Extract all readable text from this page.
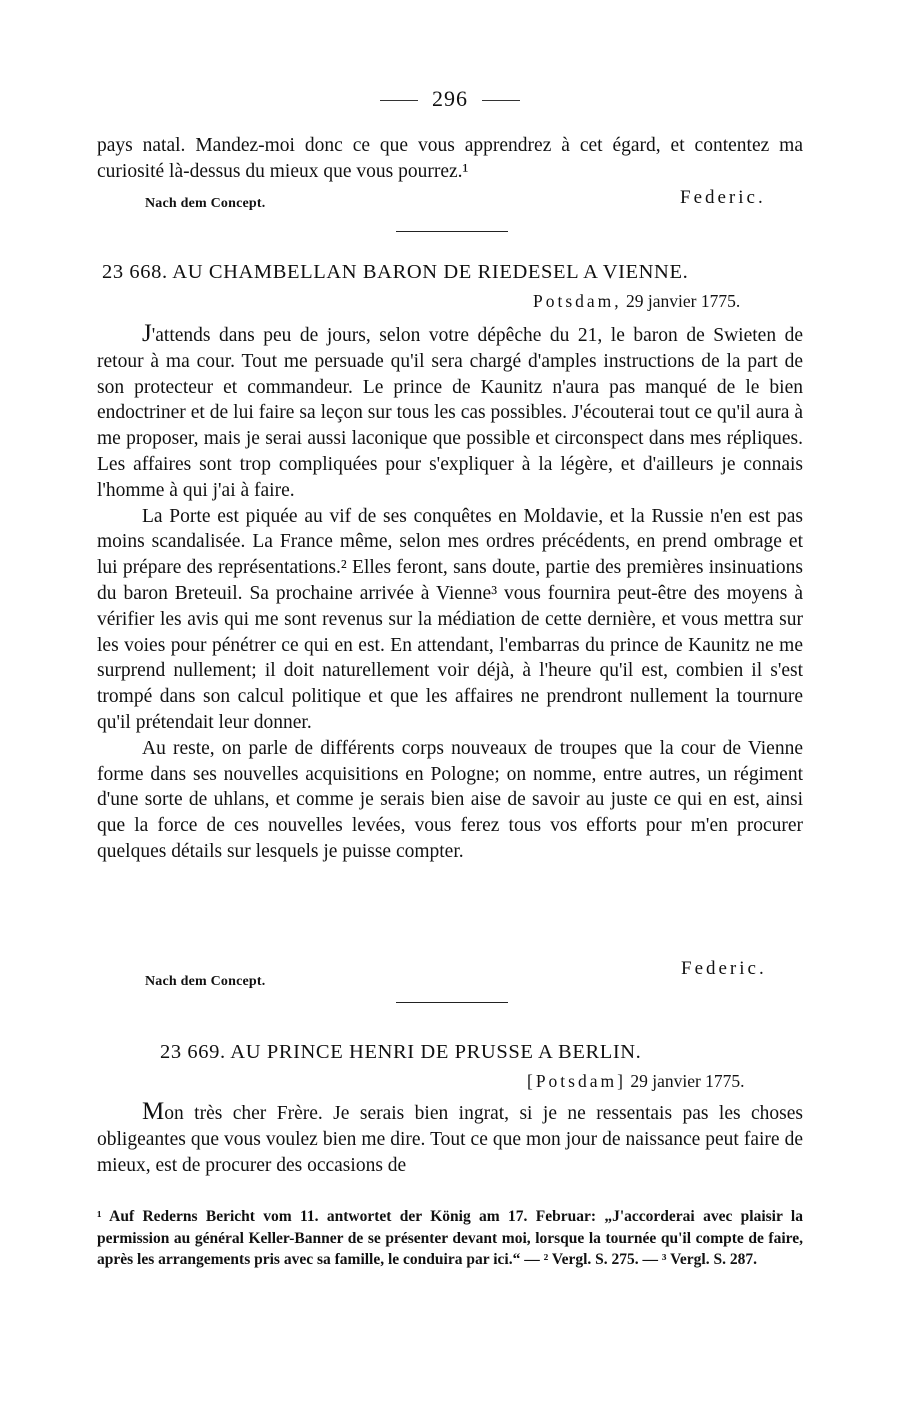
296

pays natal. Mandez-moi donc ce que vous apprendrez à cet égard, et contentez ma curiosité là-dessus du mieux que vous pourrez.¹

Nach dem Concept.	Federic.
23 668. AU CHAMBELLAN BARON DE RIEDESEL A VIENNE.
Potsdam, 29 janvier 1775.

J'attends dans peu de jours, selon votre dépêche du 21, le baron de Swieten de retour à ma cour. Tout me persuade qu'il sera chargé d'amples instructions de la part de son protecteur et commandeur. Le prince de Kaunitz n'aura pas manqué de le bien endoctriner et de lui faire sa leçon sur tous les cas possibles. J'écouterai tout ce qu'il aura à me proposer, mais je serai aussi laconique que possible et circonspect dans mes répliques. Les affaires sont trop compliquées pour s'expliquer à la légère, et d'ailleurs je connais l'homme à qui j'ai à faire.

La Porte est piquée au vif de ses conquêtes en Moldavie, et la Russie n'en est pas moins scandalisée. La France même, selon mes ordres précédents, en prend ombrage et lui prépare des représentations.² Elles feront, sans doute, partie des premières insinuations du baron Breteuil. Sa prochaine arrivée à Vienne³ vous fournira peut-être des moyens à vérifier les avis qui me sont revenus sur la médiation de cette dernière, et vous mettra sur les voies pour pénétrer ce qui en est. En attendant, l'embarras du prince de Kaunitz ne me surprend nullement; il doit naturellement voir déjà, à l'heure qu'il est, combien il s'est trompé dans son calcul politique et que les affaires ne prendront nullement la tournure qu'il prétendait leur donner.

Au reste, on parle de différents corps nouveaux de troupes que la cour de Vienne forme dans ses nouvelles acquisitions en Pologne; on nomme, entre autres, un régiment d'une sorte de uhlans, et comme je serais bien aise de savoir au juste ce qui en est, ainsi que la force de ces nouvelles levées, vous ferez tous vos efforts pour m'en procurer quelques détails sur lesquels je puisse compter.

Nach dem Concept.
Federic.
23 669. AU PRINCE HENRI DE PRUSSE A BERLIN.
[Potsdam] 29 janvier 1775.

Mon très cher Frère. Je serais bien ingrat, si je ne ressentais pas les choses obligeantes que vous voulez bien me dire. Tout ce que mon jour de naissance peut faire de mieux, est de procurer des occasions de

¹ Auf Rederns Bericht vom 11. antwortet der König am 17. Februar: „J'accorderai avec plaisir la permission au général Keller-Banner de se présenter devant moi, lorsque la tournée qu'il compte de faire, après les arrangements pris avec sa famille, le conduira par ici.“ — ² Vergl. S. 275. — ³ Vergl. S. 287.
